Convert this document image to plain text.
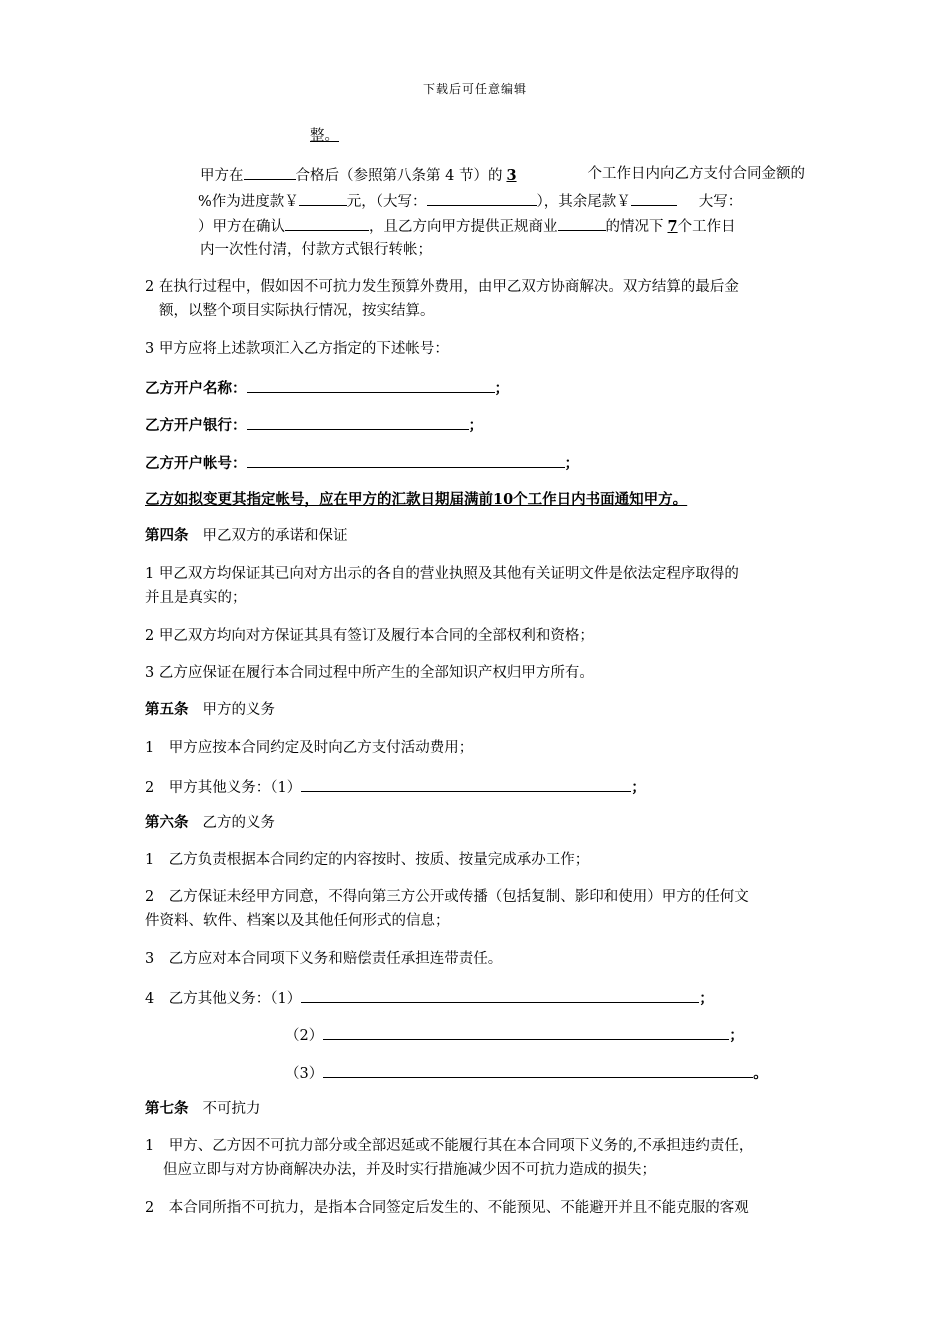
下载后可任意编辑
整。
甲方在	合格后（参照第八条第 4 节）的 3	个工作日内向乙方支付合同金额的
%作为进度款￥	元，（大写：	），其余尾款￥	大写：
）甲方在确认	，且乙方向甲方提供正规商业	的情况下 7个工作日
内一次性付清，付款方式银行转帐；
2 在执行过程中，假如因不可抗力发生预算外费用，由甲乙双方协商解决。双方结算的最后金
额，以整个项目实际执行情况，按实结算。
3 甲方应将上述款项汇入乙方指定的下述帐号：
乙方开户名称：	；
乙方开户银行：	；
乙方开户帐号：	；
乙方如拟变更其指定帐号，应在甲方的汇款日期届满前10个工作日内书面通知甲方。
第四条 甲乙双方的承诺和保证
1 甲乙双方均保证其已向对方出示的各自的营业执照及其他有关证明文件是依法定程序取得的
并且是真实的；
2 甲乙双方均向对方保证其具有签订及履行本合同的全部权利和资格；
3 乙方应保证在履行本合同过程中所产生的全部知识产权归甲方所有。
第五条 甲方的义务
1　甲方应按本合同约定及时向乙方支付活动费用；
2　甲方其他义务：（1）	；
第六条 乙方的义务
1　乙方负责根据本合同约定的内容按时、按质、按量完成承办工作；
2　乙方保证未经甲方同意，不得向第三方公开或传播（包括复制、影印和使用）甲方的任何文
件资料、软件、档案以及其他任何形式的信息；
3　乙方应对本合同项下义务和赔偿责任承担连带责任。
4　乙方其他义务：（1）	；
（2）	；
（3）	。
第七条 不可抗力
1　甲方、乙方因不可抗力部分或全部迟延或不能履行其在本合同项下义务的,不承担违约责任，
但应立即与对方协商解决办法，并及时实行措施减少因不可抗力造成的损失；
2　本合同所指不可抗力，是指本合同签定后发生的、不能预见、不能避开并且不能克服的客观
